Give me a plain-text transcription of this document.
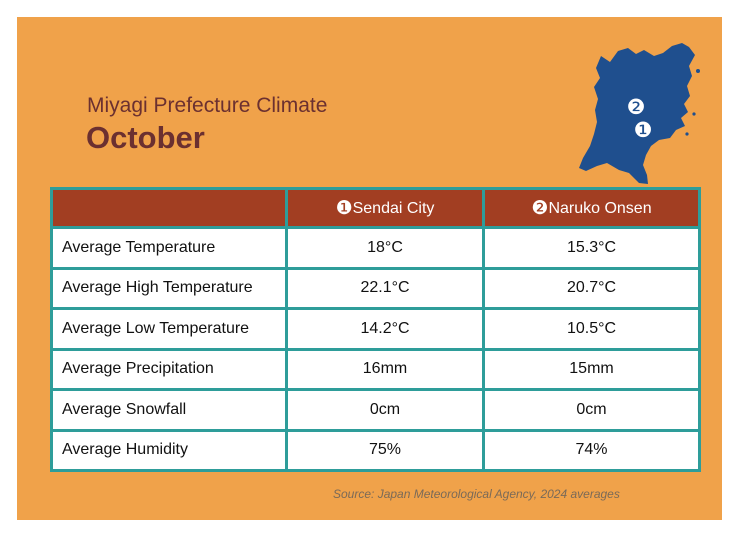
Miyagi Prefecture Climate
October
❷
❶
	❶Sendai City	❷Naruko Onsen
Average Temperature	18°C	15.3°C
Average High Temperature	22.1°C	20.7°C
Average Low Temperature	14.2°C	10.5°C
Average Precipitation	16mm	15mm
Average Snowfall	0cm	0cm
Average Humidity	75%	74%
Source: Japan Meteorological Agency, 2024 averages
